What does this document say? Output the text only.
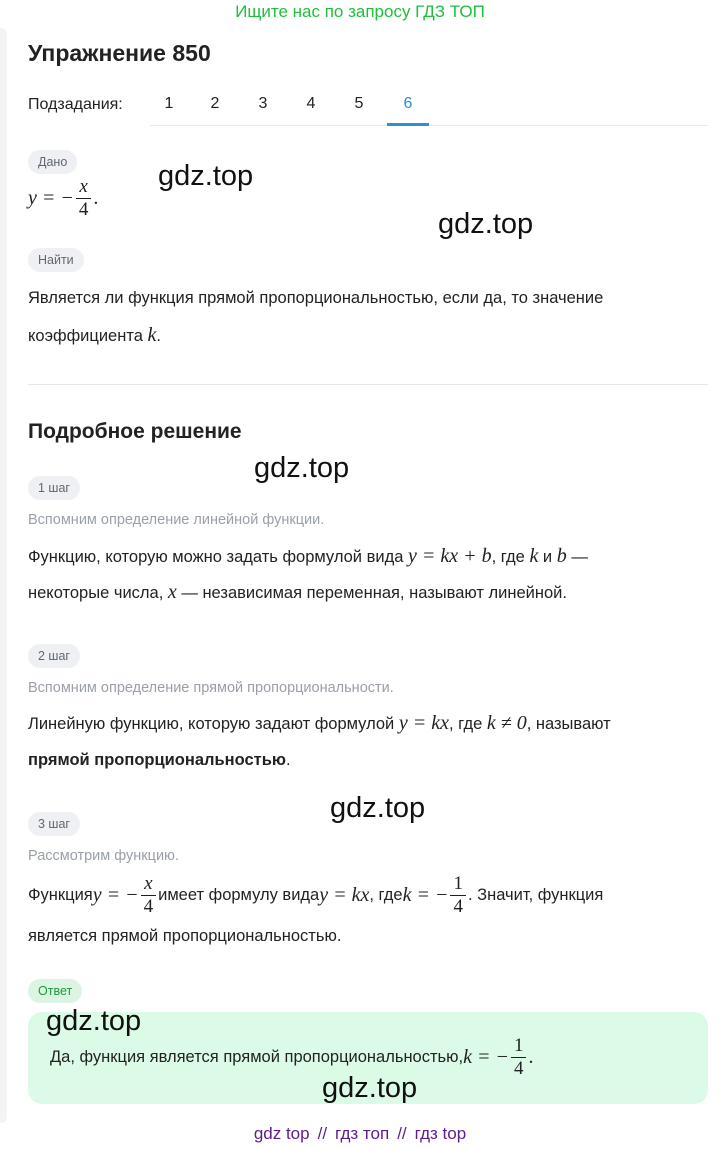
Ищите нас по запросу ГДЗ ТОП
Упражнение 850
Подзадания:	1	2	3	4	5	6
Дано
y = − $\frac{x}{4}$ .
Найти
Является ли функция прямой пропорциональностью, если да, то значение
коэффициента k.
Подробное решение
1 шаг
Вспомним определение линейной функции.
Функцию, которую можно задать формулой вида y = kx + b, где k и b —
некоторые числа, x — независимая переменная, называют линейной.
2 шаг
Вспомним определение прямой пропорциональности.
Линейную функцию, которую задают формулой y = kx, где k ≠ 0, называют
прямой пропорциональностью.
3 шаг
Рассмотрим функцию.
Функция y = − $\frac{x}{4}$ имеет формулу вида y = kx , где k = − $\frac{1}{4}$ . Значит, функция
является прямой пропорциональностью.
Ответ
Да, функция является прямой пропорциональностью, k = − $\frac{1}{4}$ .
gdz.top
gdz.top
gdz.top
gdz.top
gdz.top
gdz.top
gdz top // гдз топ // гдз top
